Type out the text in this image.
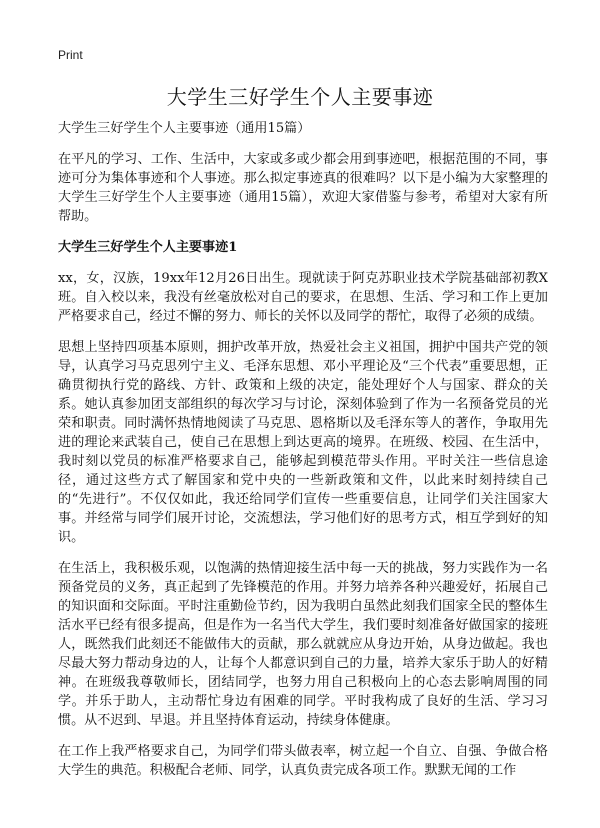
Print
大学生三好学生个人主要事迹

大学生三好学生个人主要事迹（通用15篇）

在平凡的学习、工作、生活中，大家或多或少都会用到事迹吧，根据范围的不同，事迹可分为集体事迹和个人事迹。那么拟定事迹真的很难吗？以下是小编为大家整理的大学生三好学生个人主要事迹（通用15篇），欢迎大家借鉴与参考，希望对大家有所帮助。

大学生三好学生个人主要事迹1

xx，女，汉族，19xx年12月26日出生。现就读于阿克苏职业技术学院基础部初教X班。自入校以来，我没有丝毫放松对自己的要求，在思想、生活、学习和工作上更加严格要求自己，经过不懈的努力、师长的关怀以及同学的帮忙，取得了必须的成绩。

思想上坚持四项基本原则，拥护改革开放，热爱社会主义祖国，拥护中国共产党的领导，认真学习马克思列宁主义、毛泽东思想、邓小平理论及“三个代表”重要思想，正确贯彻执行党的路线、方针、政策和上级的决定，能处理好个人与国家、群众的关系。她认真参加团支部组织的每次学习与讨论，深刻体验到了作为一名预备党员的光荣和职责。同时满怀热情地阅读了马克思、恩格斯以及毛泽东等人的著作，争取用先进的理论来武装自己，使自己在思想上到达更高的境界。在班级、校园、在生活中，我时刻以党员的标准严格要求自己，能够起到模范带头作用。平时关注一些信息途径，通过这些方式了解国家和党中央的一些新政策和文件，以此来时刻持续自己的“先进行”。不仅仅如此，我还给同学们宣传一些重要信息，让同学们关注国家大事。并经常与同学们展开讨论，交流想法，学习他们好的思考方式，相互学到好的知识。

在生活上，我积极乐观，以饱满的热情迎接生活中每一天的挑战，努力实践作为一名预备党员的义务，真正起到了先锋模范的作用。并努力培养各种兴趣爱好，拓展自己的知识面和交际面。平时注重勤俭节约，因为我明白虽然此刻我们国家全民的整体生活水平已经有很多提高，但是作为一名当代大学生，我们要时刻准备好做国家的接班人，既然我们此刻还不能做伟大的贡献，那么就就应从身边开始，从身边做起。我也尽最大努力帮动身边的人，让每个人都意识到自己的力量，培养大家乐于助人的好精神。在班级我尊敬师长，团结同学，也努力用自己积极向上的心态去影响周围的同学。并乐于助人，主动帮忙身边有困难的同学。平时我构成了良好的生活、学习习惯。从不迟到、早退。并且坚持体育运动，持续身体健康。

在工作上我严格要求自己，为同学们带头做表率，树立起一个自立、自强、争做合格大学生的典范。积极配合老师、同学，认真负责完成各项工作。默默无闻的工作
